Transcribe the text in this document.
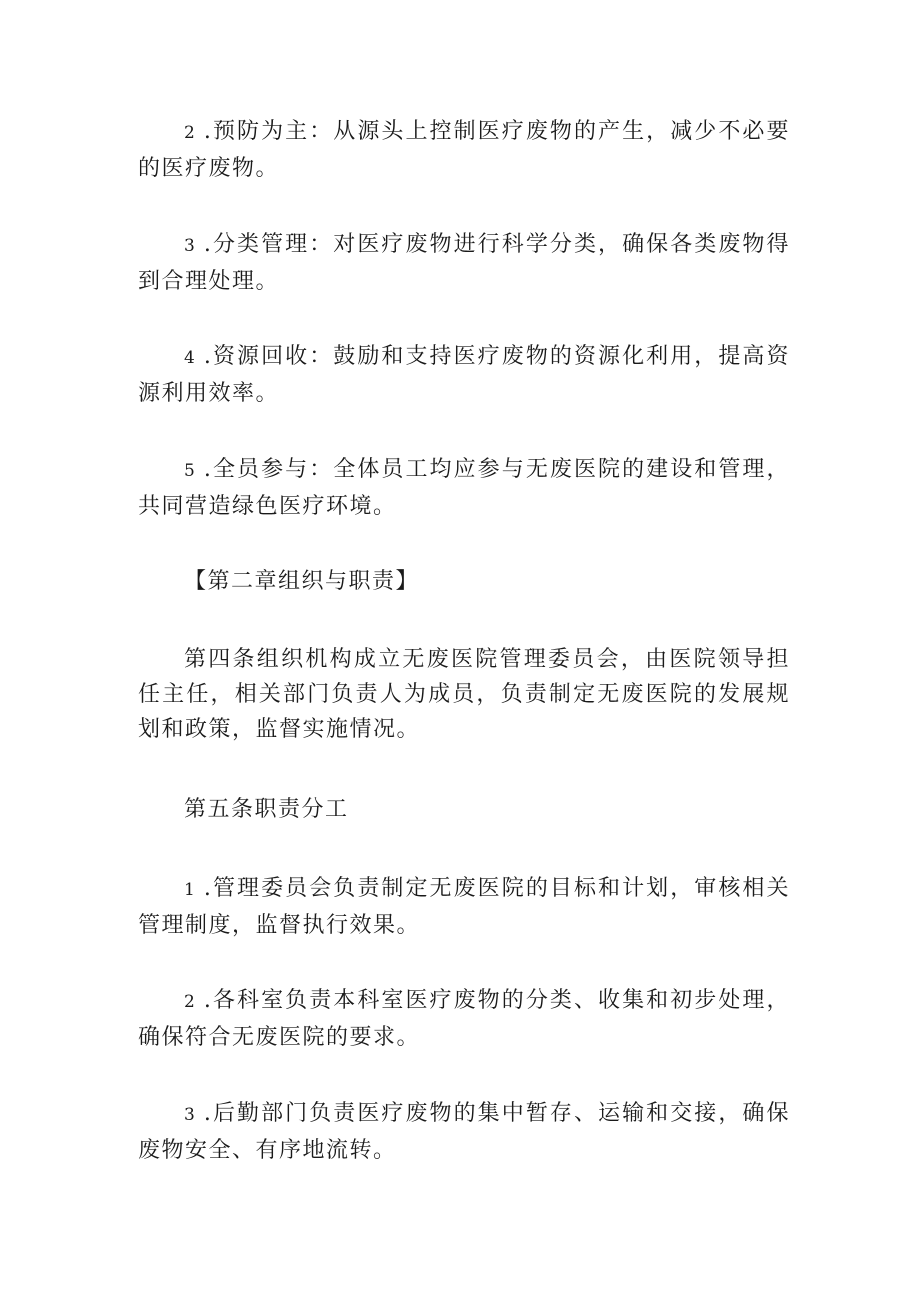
2 .预防为主：从源头上控制医疗废物的产生，减少不必要的医疗废物。

3 .分类管理：对医疗废物进行科学分类，确保各类废物得到合理处理。

4 .资源回收：鼓励和支持医疗废物的资源化利用，提高资源利用效率。

5 .全员参与：全体员工均应参与无废医院的建设和管理，共同营造绿色医疗环境。

【第二章组织与职责】

第四条组织机构成立无废医院管理委员会，由医院领导担任主任，相关部门负责人为成员，负责制定无废医院的发展规划和政策，监督实施情况。

第五条职责分工

1 .管理委员会负责制定无废医院的目标和计划，审核相关管理制度，监督执行效果。

2 .各科室负责本科室医疗废物的分类、收集和初步处理，确保符合无废医院的要求。

3 .后勤部门负责医疗废物的集中暂存、运输和交接，确保废物安全、有序地流转。
